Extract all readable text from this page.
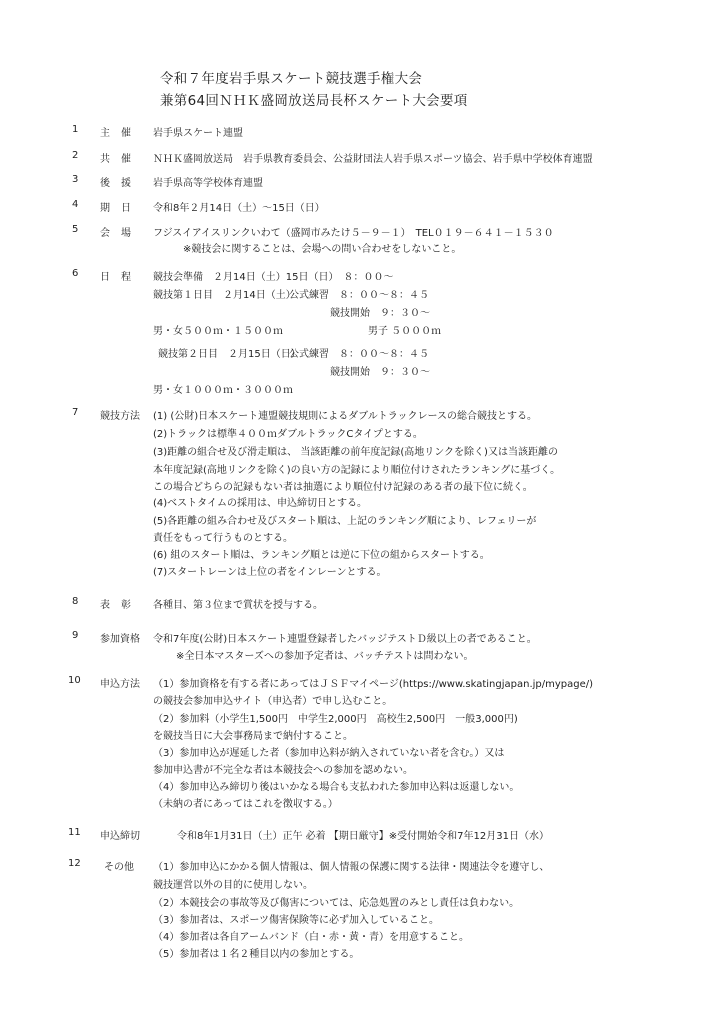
令和７年度岩手県スケート競技選手権大会
兼第64回ＮＨＫ盛岡放送局長杯スケート大会要項
1	主　催 岩手県スケート連盟
2	共　催 ＮＨＫ盛岡放送局　岩手県教育委員会、公益財団法人岩手県スポーツ協会、岩手県中学校体育連盟
3	後　援 岩手県高等学校体育連盟
4	期　日 令和8年２月14日（土）～15日（日）
5	会　場 フジスイアイスリンクいわて（盛岡市みたけ５－９－１）　TEL０１９－６４１－１５３０
※競技会に関することは、会場への問い合わせをしないこと。
6	日　程 競技会準備　２月14日（土）15日（日）　８：００～
競技第１日目　２月14日（土）
公式練習　８：００～８：４５
競技開始　９：３０～
男・女５００ｍ・１５００ｍ	男子 ５０００ｍ
競技第２日目　２月15日（日）
公式練習　８：００～８：４５
競技開始　９：３０～
男・女１０００ｍ・３０００ｍ
7	競技方法 (1) (公財)日本スケート連盟競技規則によるダブルトラックレースの総合競技とする。
(2)トラックは標準４００ｍダブルトラックCタイプとする。
(3)距離の組合せ及び滑走順は、 当該距離の前年度記録(高地リンクを除く)又は当該距離の
本年度記録(高地リンクを除く)の良い方の記録により順位付けされたランキングに基づく。
この場合どちらの記録もない者は抽選により順位付け記録のある者の最下位に続く。
(4)ベストタイムの採用は、申込締切日とする。
(5)各距離の組み合わせ及びスタート順は、上記のランキング順により、レフェリーが
責任をもって行うものとする。
(6) 組のスタート順は、ランキング順とは逆に下位の組からスタートする。
(7)スタートレーンは上位の者をインレーンとする。
8	表　彰 各種目、第３位まで賞状を授与する。
9	参加資格 令和7年度(公財)日本スケート連盟登録者したバッジテストＤ級以上の者であること。
※全日本マスターズへの参加予定者は、バッチテストは問わない。
10 申込方法 （1）参加資格を有する者にあってはＪＳＦマイページ(https://www.skatingjapan.jp/mypage/)
の競技会参加申込サイト（申込者）で申し込むこと。
（2）参加料（小学生1,500円　中学生2,000円　高校生2,500円　一般3,000円)
を競技当日に大会事務局まで納付すること。
（3）参加申込が遅延した者（参加申込料が納入されていない者を含む。）又は
参加申込書が不完全な者は本競技会への参加を認めない。
（4）参加申込み締切り後はいかなる場合も支払われた参加申込料は返還しない。
（未納の者にあってはこれを徴収する。）
11 申込締切	令和8年1月31日（土）正午 必着 【期日厳守】※受付開始令和7年12月31日（水）
12 その他 （1）参加申込にかかる個人情報は、個人情報の保護に関する法律・関連法令を遵守し、
競技運営以外の目的に使用しない。
（2）本競技会の事故等及び傷害については、応急処置のみとし責任は負わない。
（3）参加者は、スポーツ傷害保険等に必ず加入していること。
（4）参加者は各自アームバンド（白・赤・黄・青）を用意すること。
（5）参加者は１名２種目以内の参加とする。
